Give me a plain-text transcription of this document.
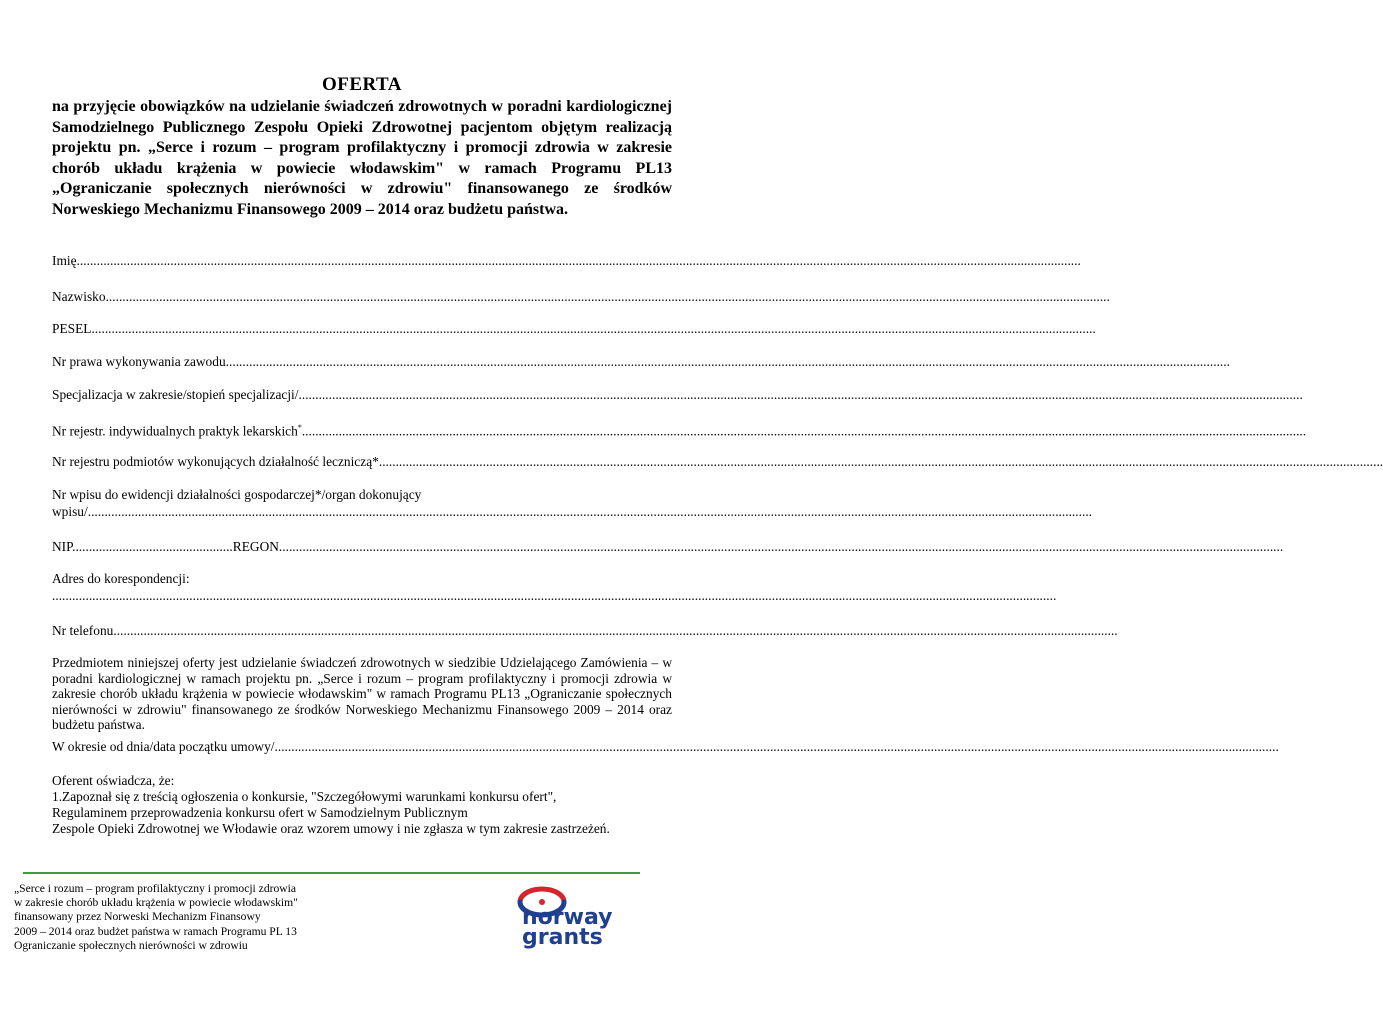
OFERTA
na przyjęcie obowiązków na udzielanie świadczeń zdrowotnych w poradni kardiologicznej Samodzielnego Publicznego Zespołu Opieki Zdrowotnej pacjentom objętym realizacją projektu pn. „Serce i rozum – program profilaktyczny i promocji zdrowia w zakresie chorób układu krążenia w powiecie włodawskim" w ramach Programu PL13 „Ograniczanie społecznych nierówności w zdrowiu" finansowanego ze środków Norweskiego Mechanizmu Finansowego 2009 – 2014 oraz budżetu państwa.
Imię............................................................................................................................................................................................................................................................................................................
Nazwisko............................................................................................................................................................................................................................................................................................................
PESEL............................................................................................................................................................................................................................................................................................................
Nr prawa wykonywania zawodu............................................................................................................................................................................................................................................................................................................
Specjalizacja w zakresie/stopień specjalizacji/............................................................................................................................................................................................................................................................................................................
Nr rejestr. indywidualnych praktyk lekarskich*............................................................................................................................................................................................................................................................................................................
Nr rejestru podmiotów wykonujących działalność leczniczą*............................................................................................................................................................................................................................................................................................................
Nr wpisu do ewidencji działalności gospodarczej*/organ dokonujący
wpisu/............................................................................................................................................................................................................................................................................................................
NIP................................................REGON............................................................................................................................................................................................................................................................................................................
Adres do korespondencji:
............................................................................................................................................................................................................................................................................................................
Nr telefonu............................................................................................................................................................................................................................................................................................................
Przedmiotem niniejszej oferty jest udzielanie świadczeń zdrowotnych w siedzibie Udzielającego Zamówienia – w poradni kardiologicznej w ramach projektu pn. „Serce i rozum – program profilaktyczny i promocji zdrowia w zakresie chorób układu krążenia w powiecie włodawskim" w ramach Programu PL13 „Ograniczanie społecznych nierówności w zdrowiu" finansowanego ze środków Norweskiego Mechanizmu Finansowego 2009 – 2014 oraz budżetu państwa.
W okresie od dnia/data początku umowy/............................................................................................................................................................................................................................................................................................................
Oferent oświadcza, że:
1.Zapoznał się z treścią ogłoszenia o konkursie, "Szczegółowymi warunkami konkursu ofert",
Regulaminem przeprowadzenia konkursu ofert w Samodzielnym Publicznym
Zespole Opieki Zdrowotnej we Włodawie oraz wzorem umowy i nie zgłasza w tym zakresie zastrzeżeń.
„Serce i rozum – program profilaktyczny i promocji zdrowia
w zakresie chorób układu krążenia w powiecie włodawskim"
finansowany przez Norweski Mechanizm Finansowy
2009 – 2014 oraz budżet państwa w ramach Programu PL 13
Ograniczanie społecznych nierówności w zdrowiu
norway
grants
